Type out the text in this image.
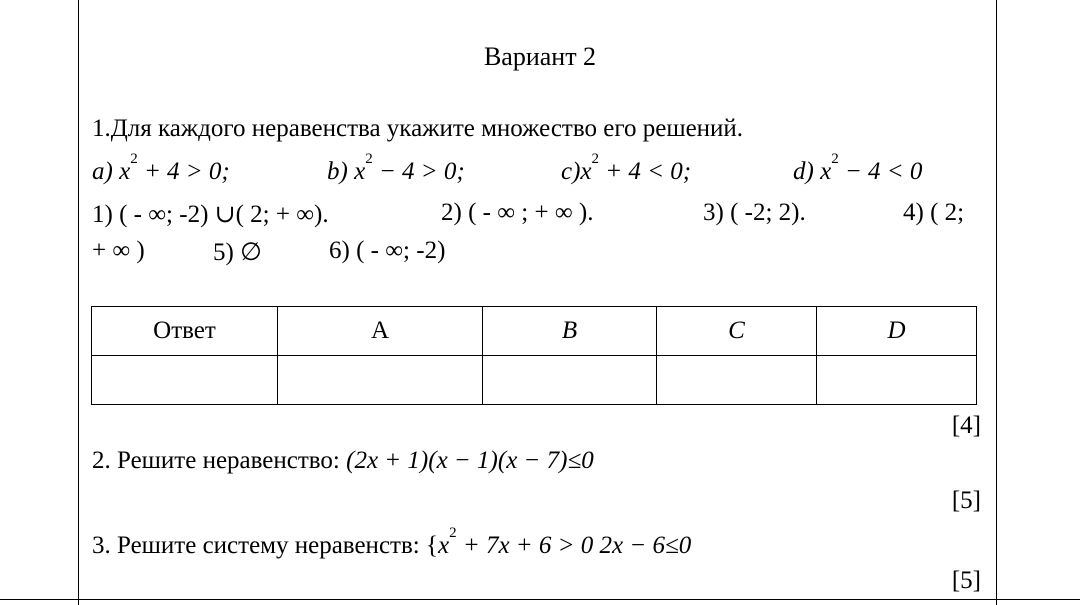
Вариант 2
1.Для каждого неравенства укажите множество его решений.
a) $x^2 + 4 > 0$;	b) $x^2 - 4 > 0$;	$c)x^2 + 4 < 0$;	d) $x^2 - 4 < 0$
1) ( - ∞; -2) ∪( 2; + ∞).	2) ( - ∞ ; + ∞ ).	3) ( -2; 2).	4) ( 2;
+ ∞ )	5) ∅	6) ( - ∞; -2)
Ответ	A	B	C	D

[4]
2. Решите неравенство: (2x + 1)(x − 1)(x − 7)≤0
[5]
3. Решите систему неравенств: {$x^2 + 7x + 6 > 0$ 2x − 6≤0
[5]
